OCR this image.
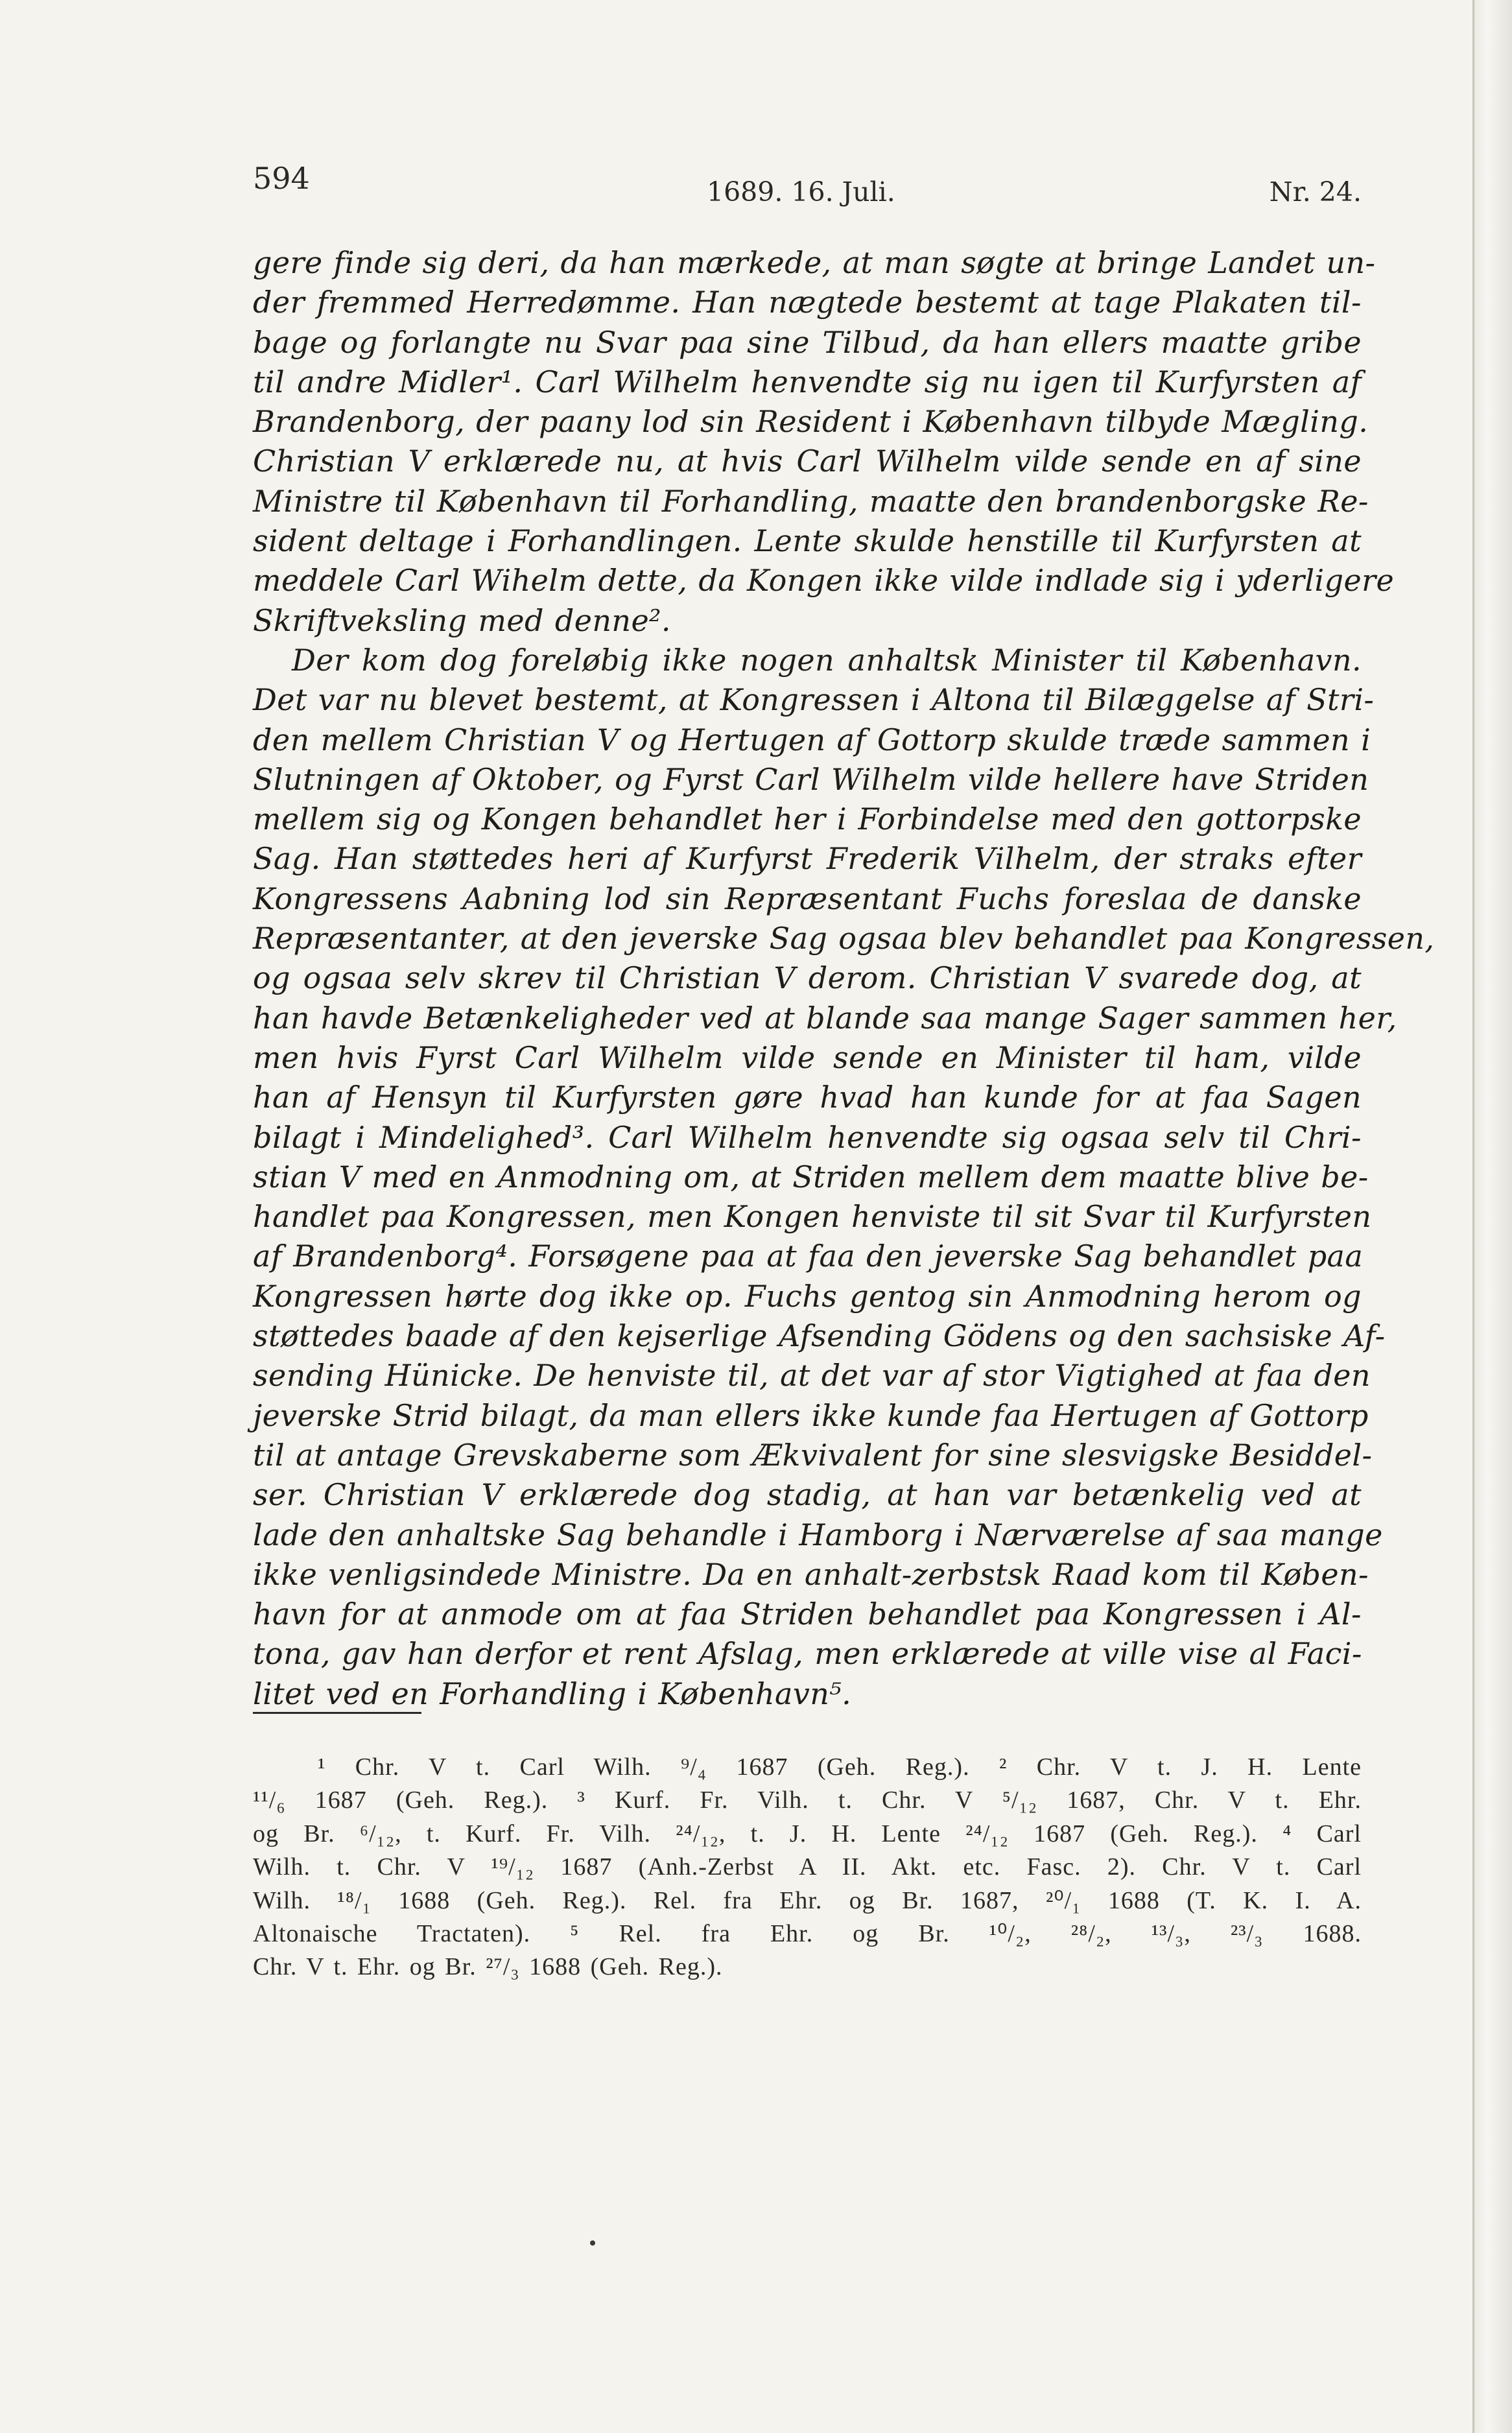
594	1689. 16. Juli.	Nr. 24.
gere finde sig deri, da han mærkede, at man søgte at bringe Landet un-
der fremmed Herredømme. Han nægtede bestemt at tage Plakaten til-
bage og forlangte nu Svar paa sine Tilbud, da han ellers maatte gribe
til andre Midler¹. Carl Wilhelm henvendte sig nu igen til Kurfyrsten af
Brandenborg, der paany lod sin Resident i København tilbyde Mægling.
Christian V erklærede nu, at hvis Carl Wilhelm vilde sende en af sine
Ministre til København til Forhandling, maatte den brandenborgske Re-
sident deltage i Forhandlingen. Lente skulde henstille til Kurfyrsten at
meddele Carl Wihelm dette, da Kongen ikke vilde indlade sig i yderligere
Skriftveksling med denne².
Der kom dog foreløbig ikke nogen anhaltsk Minister til København.
Det var nu blevet bestemt, at Kongressen i Altona til Bilæggelse af Stri-
den mellem Christian V og Hertugen af Gottorp skulde træde sammen i
Slutningen af Oktober, og Fyrst Carl Wilhelm vilde hellere have Striden
mellem sig og Kongen behandlet her i Forbindelse med den gottorpske
Sag. Han støttedes heri af Kurfyrst Frederik Vilhelm, der straks efter
Kongressens Aabning lod sin Repræsentant Fuchs foreslaa de danske
Repræsentanter, at den jeverske Sag ogsaa blev behandlet paa Kongressen,
og ogsaa selv skrev til Christian V derom. Christian V svarede dog, at
han havde Betænkeligheder ved at blande saa mange Sager sammen her,
men hvis Fyrst Carl Wilhelm vilde sende en Minister til ham, vilde
han af Hensyn til Kurfyrsten gøre hvad han kunde for at faa Sagen
bilagt i Mindelighed³. Carl Wilhelm henvendte sig ogsaa selv til Chri-
stian V med en Anmodning om, at Striden mellem dem maatte blive be-
handlet paa Kongressen, men Kongen henviste til sit Svar til Kurfyrsten
af Brandenborg⁴. Forsøgene paa at faa den jeverske Sag behandlet paa
Kongressen hørte dog ikke op. Fuchs gentog sin Anmodning herom og
støttedes baade af den kejserlige Afsending Gödens og den sachsiske Af-
sending Hünicke. De henviste til, at det var af stor Vigtighed at faa den
jeverske Strid bilagt, da man ellers ikke kunde faa Hertugen af Gottorp
til at antage Grevskaberne som Ækvivalent for sine slesvigske Besiddel-
ser. Christian V erklærede dog stadig, at han var betænkelig ved at
lade den anhaltske Sag behandle i Hamborg i Nærværelse af saa mange
ikke venligsindede Ministre. Da en anhalt-zerbstsk Raad kom til Køben-
havn for at anmode om at faa Striden behandlet paa Kongressen i Al-
tona, gav han derfor et rent Afslag, men erklærede at ville vise al Faci-
litet ved en Forhandling i København⁵.
¹ Chr. V t. Carl Wilh. ⁹/₄ 1687 (Geh. Reg.). ² Chr. V t. J. H. Lente
¹¹/₆ 1687 (Geh. Reg.). ³ Kurf. Fr. Vilh. t. Chr. V ⁵/₁₂ 1687, Chr. V t. Ehr.
og Br. ⁶/₁₂, t. Kurf. Fr. Vilh. ²⁴/₁₂, t. J. H. Lente ²⁴/₁₂ 1687 (Geh. Reg.). ⁴ Carl
Wilh. t. Chr. V ¹⁹/₁₂ 1687 (Anh.-Zerbst A II. Akt. etc. Fasc. 2). Chr. V t. Carl
Wilh. ¹⁸/₁ 1688 (Geh. Reg.). Rel. fra Ehr. og Br. 1687, ²⁰/₁ 1688 (T. K. I. A.
Altonaische Tractaten). ⁵ Rel. fra Ehr. og Br. ¹⁰/₂, ²⁸/₂, ¹³/₃, ²³/₃ 1688.
Chr. V t. Ehr. og Br. ²⁷/₃ 1688 (Geh. Reg.).
